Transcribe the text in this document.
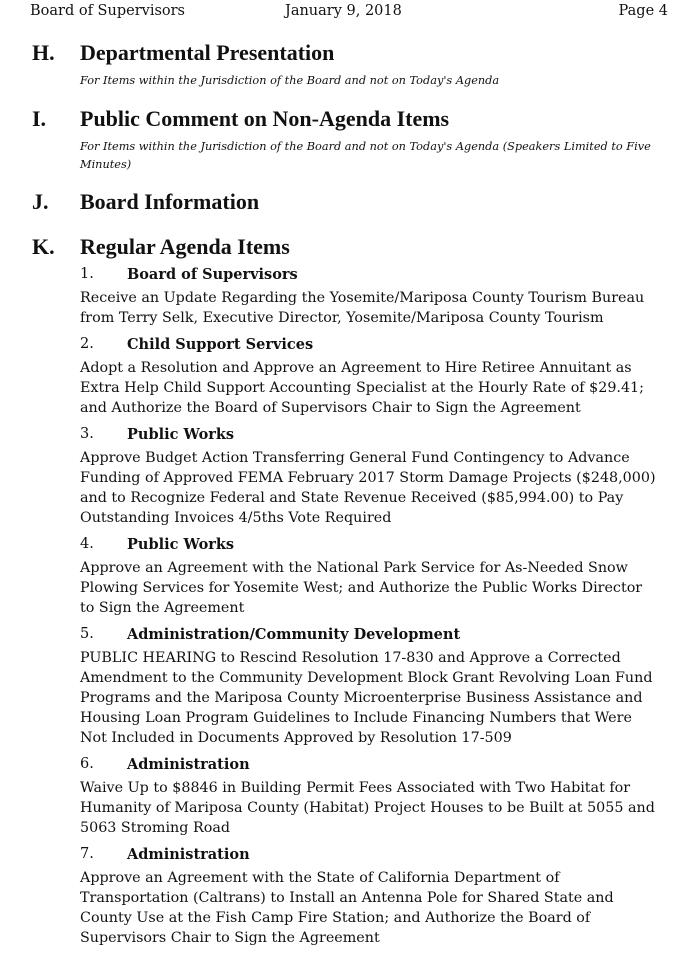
Board of Supervisors	January 9, 2018	Page 4
H. Departmental Presentation
For Items within the Jurisdiction of the Board and not on Today's Agenda
I. Public Comment on Non-Agenda Items
For Items within the Jurisdiction of the Board and not on Today's Agenda (Speakers Limited to Five Minutes)
J. Board Information
K. Regular Agenda Items
1. Board of Supervisors
Receive an Update Regarding the Yosemite/Mariposa County Tourism Bureau from Terry Selk, Executive Director, Yosemite/Mariposa County Tourism
2. Child Support Services
Adopt a Resolution and Approve an Agreement to Hire Retiree Annuitant as Extra Help Child Support Accounting Specialist at the Hourly Rate of $29.41; and Authorize the Board of Supervisors Chair to Sign the Agreement
3. Public Works
Approve Budget Action Transferring General Fund Contingency to Advance Funding of Approved FEMA February 2017 Storm Damage Projects ($248,000) and to Recognize Federal and State Revenue Received ($85,994.00) to Pay Outstanding Invoices 4/5ths Vote Required
4. Public Works
Approve an Agreement with the National Park Service for As-Needed Snow Plowing Services for Yosemite West; and Authorize the Public Works Director to Sign the Agreement
5. Administration/Community Development
PUBLIC HEARING to Rescind Resolution 17-830 and Approve a Corrected Amendment to the Community Development Block Grant Revolving Loan Fund Programs and the Mariposa County Microenterprise Business Assistance and Housing Loan Program Guidelines to Include Financing Numbers that Were Not Included in Documents Approved by Resolution 17-509
6. Administration
Waive Up to $8846 in Building Permit Fees Associated with Two Habitat for Humanity of Mariposa County (Habitat) Project Houses to be Built at 5055 and 5063 Stroming Road
7. Administration
Approve an Agreement with the State of California Department of Transportation (Caltrans) to Install an Antenna Pole for Shared State and County Use at the Fish Camp Fire Station; and Authorize the Board of Supervisors Chair to Sign the Agreement
